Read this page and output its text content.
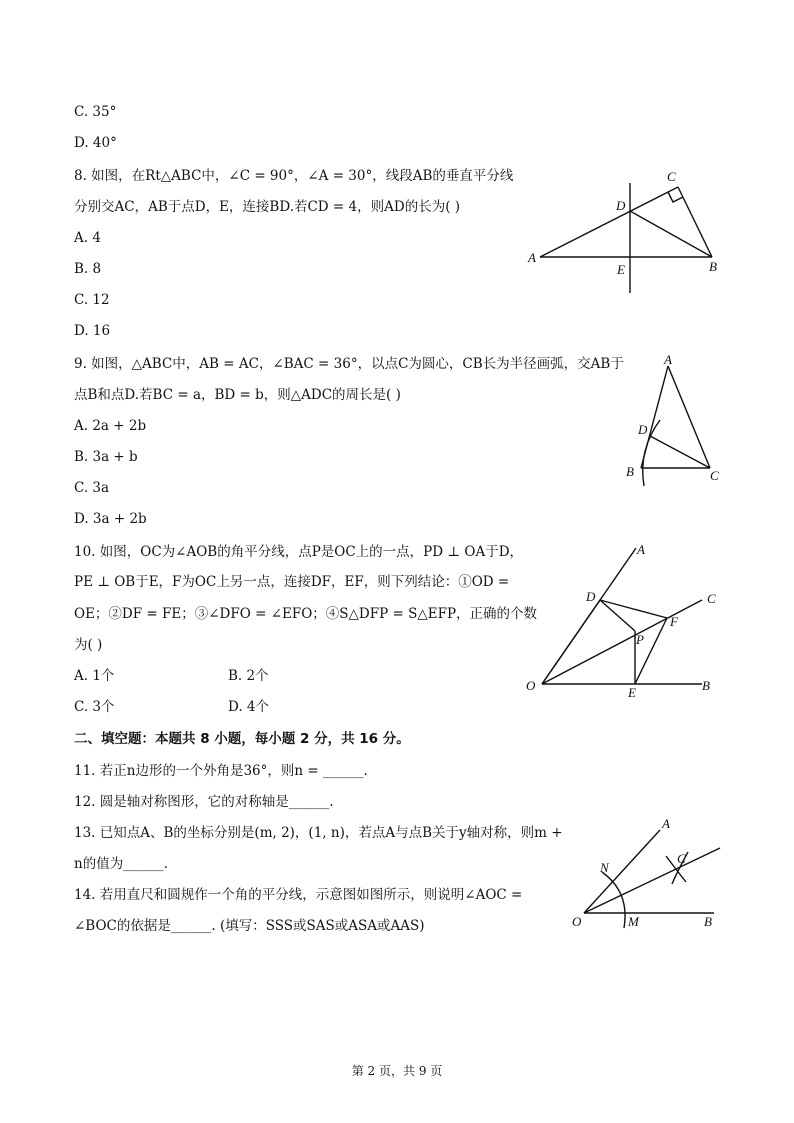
C. 35°
D. 40°
8. 如图，在Rt△ABC中，∠C = 90°，∠A = 30°，线段AB的垂直平分线
分别交AC，AB于点D，E，连接BD.若CD = 4，则AD的长为( )
A. 4
B. 8
C. 12
D. 16
9. 如图，△ABC中，AB = AC，∠BAC = 36°，以点C为圆心，CB长为半径画弧，交AB于
点B和点D.若BC = a，BD = b，则△ADC的周长是( )
A. 2a + 2b
B. 3a + b
C. 3a
D. 3a + 2b
10. 如图，OC为∠AOB的角平分线，点P是OC上的一点，PD ⊥ OA于D，
PE ⊥ OB于E，F为OC上另一点，连接DF，EF，则下列结论：①OD =
OE；②DF = FE；③∠DFO = ∠EFO；④S△DFP = S△EFP，正确的个数
为( )
A. 1个	B. 2个
C. 3个	D. 4个
二、填空题：本题共 8 小题，每小题 2 分，共 16 分。
11. 若正n边形的一个外角是36°，则n = ______.
12. 圆是轴对称图形，它的对称轴是______.
13. 已知点A、B的坐标分别是(m, 2)，(1, n)，若点A与点B关于y轴对称，则m +
n的值为______.
14. 若用直尺和圆规作一个角的平分线，示意图如图所示，则说明∠AOC =
∠BOC的依据是______. (填写：SSS或SAS或ASA或AAS)
C
D
A
E	B
A
D
B	C
A
D	C
F
P
O	E	B
A
N
C
O	M	B
第 2 页，共 9 页
